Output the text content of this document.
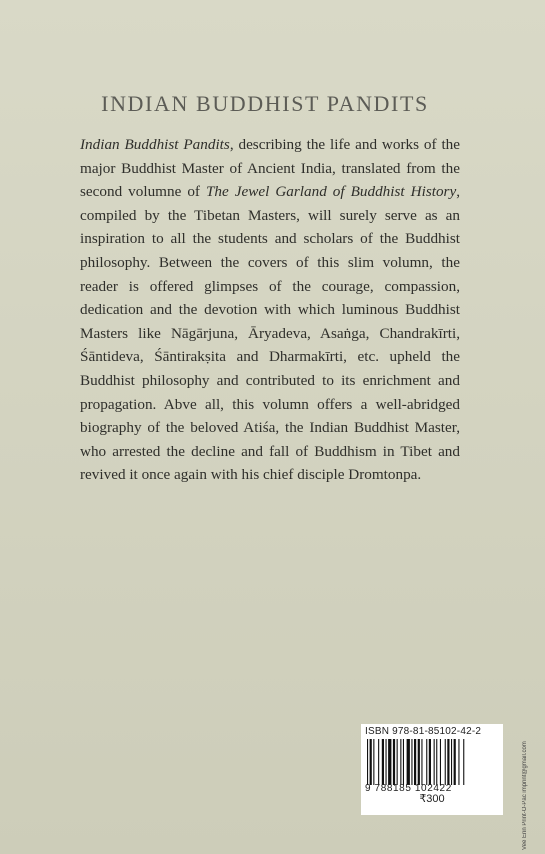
INDIAN BUDDHIST PANDITS
Indian Buddhist Pandits, describing the life and works of the major Buddhist Master of Ancient India, translated from the second volumne of The Jewel Garland of Buddhist History, compiled by the Tibetan Masters, will surely serve as an inspiration to all the students and scholars of the Buddhist philosophy. Between the covers of this slim volumn, the reader is offered glimpses of the courage, compassion, dedication and the devotion with which luminous Buddhist Masters like Nāgārjuna, Āryadeva, Asaṅga, Chandrakīrti, Śāntideva, Śāntirakṣita and Dharmakīrti, etc. upheld the Buddhist philosophy and contributed to its enrichment and propagation. Abve all, this volumn offers a well-abridged biography of the beloved Atiśa, the Indian Buddhist Master, who arrested the decline and fall of Buddhism in Tibet and revived it once again with his chief disciple Dromtonpa.
ISBN 978-81-85102-42-2
9 788185 102422
₹300	Vee Enn Print-O-Pac imprint@gmail.com
